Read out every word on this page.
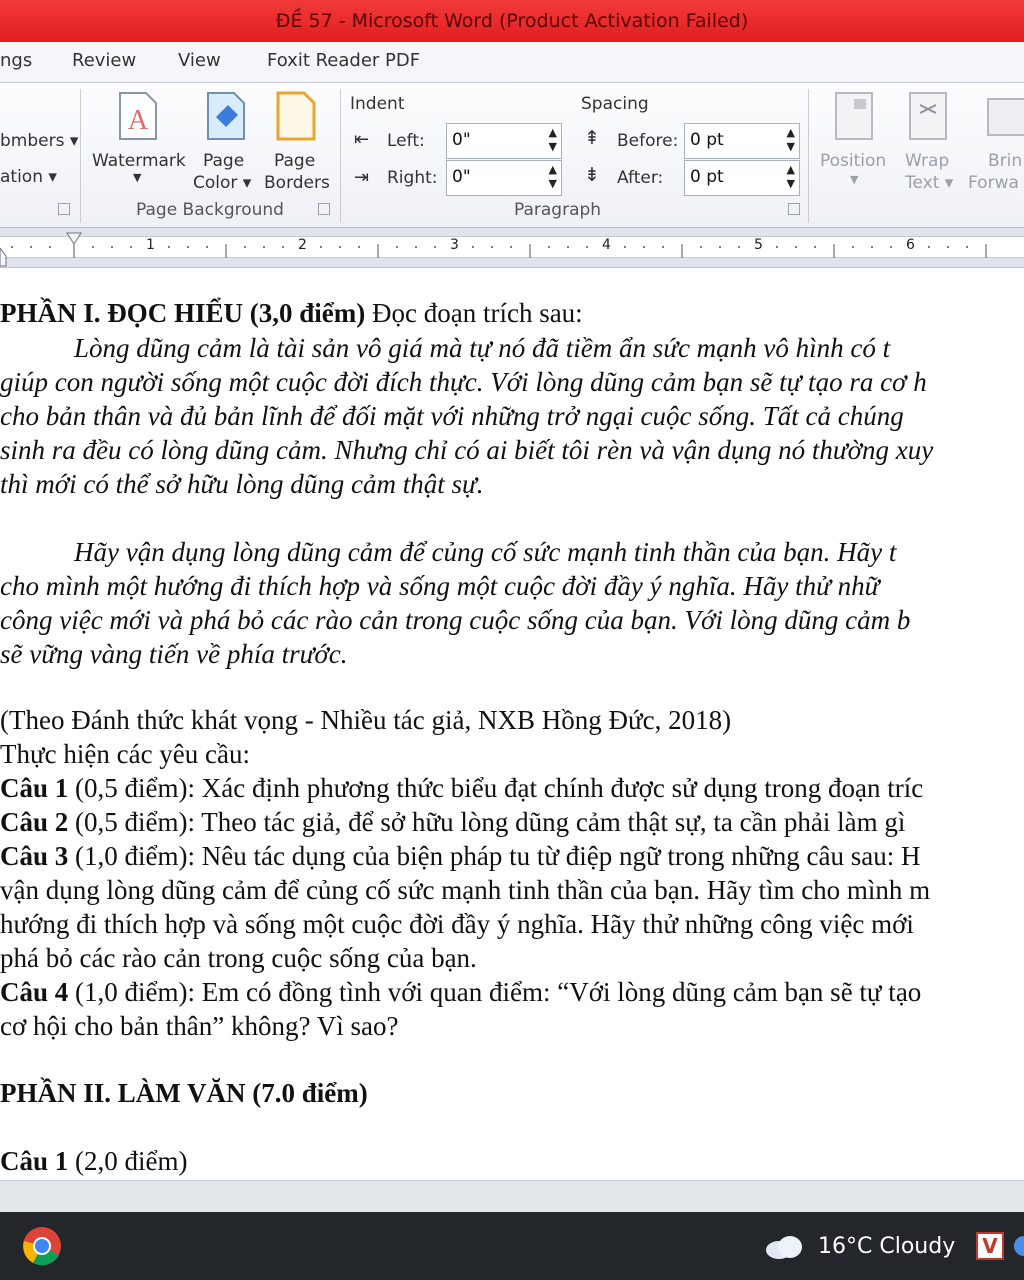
ĐỀ 57 - Microsoft Word (Product Activation Failed)
ngs Review View	Foxit Reader PDF
bmbers ▾
ation ▾
A
Watermark
▼
Page
Color ▾
Page
Borders
Page Background
Indent
⇤ Left:	0"	▲
▼
⇥ Right: 0"	▲
▼
Spacing
⇞ Before: 0 pt	▲
▼
⇟ After:	0 pt	▲
▼
Paragraph
Position
▼
Wrap
Text ▾
Brin
Forwa
1	2	3	4	5	6
PHẦN I. ĐỌC HIỂU (3,0 điểm) Đọc đoạn trích sau:
Lòng dũng cảm là tài sản vô giá mà tự nó đã tiềm ẩn sức mạnh vô hình có t
giúp con người sống một cuộc đời đích thực. Với lòng dũng cảm bạn sẽ tự tạo ra cơ h
cho bản thân và đủ bản lĩnh để đối mặt với những trở ngại cuộc sống. Tất cả chúng
sinh ra đều có lòng dũng cảm. Nhưng chỉ có ai biết tôi rèn và vận dụng nó thường xuy
thì mới có thể sở hữu lòng dũng cảm thật sự.
Hãy vận dụng lòng dũng cảm để củng cố sức mạnh tinh thần của bạn. Hãy t
cho mình một hướng đi thích hợp và sống một cuộc đời đầy ý nghĩa. Hãy thử nhữ
công việc mới và phá bỏ các rào cản trong cuộc sống của bạn. Với lòng dũng cảm b
sẽ vững vàng tiến về phía trước.
(Theo Đánh thức khát vọng - Nhiều tác giả, NXB Hồng Đức, 2018)
Thực hiện các yêu cầu:
Câu 1 (0,5 điểm): Xác định phương thức biểu đạt chính được sử dụng trong đoạn tríc
Câu 2 (0,5 điểm): Theo tác giả, để sở hữu lòng dũng cảm thật sự, ta cần phải làm gì
Câu 3 (1,0 điểm): Nêu tác dụng của biện pháp tu từ điệp ngữ trong những câu sau: H
vận dụng lòng dũng cảm để củng cố sức mạnh tinh thần của bạn. Hãy tìm cho mình m
hướng đi thích hợp và sống một cuộc đời đầy ý nghĩa. Hãy thử những công việc mới
phá bỏ các rào cản trong cuộc sống của bạn.
Câu 4 (1,0 điểm): Em có đồng tình với quan điểm: “Với lòng dũng cảm bạn sẽ tự tạo
cơ hội cho bản thân” không? Vì sao?
PHẦN II. LÀM VĂN (7.0 điểm)
Câu 1 (2,0 điểm)
16°C Cloudy	V
